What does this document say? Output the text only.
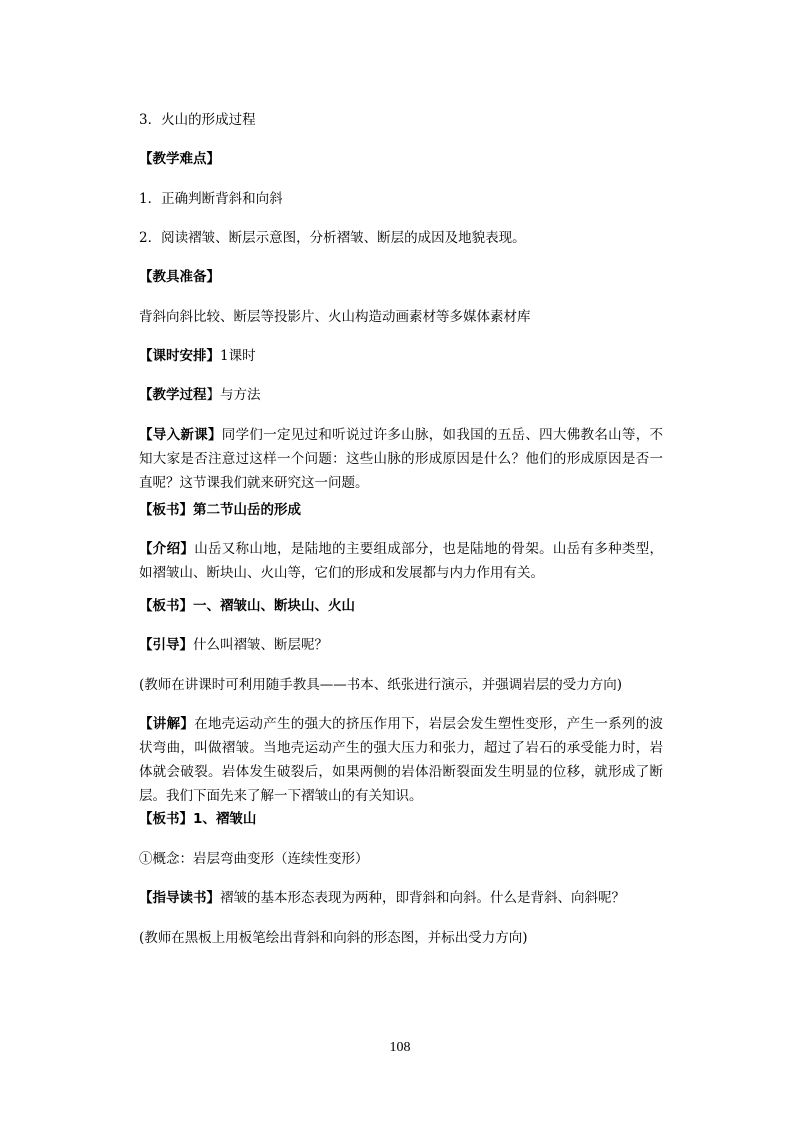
3．火山的形成过程

【教学难点】

1．正确判断背斜和向斜

2．阅读褶皱、断层示意图，分析褶皱、断层的成因及地貌表现。

【教具准备】

背斜向斜比较、断层等投影片、火山构造动画素材等多媒体素材库

【课时安排】1课时

【教学过程】与方法

【导入新课】同学们一定见过和听说过许多山脉，如我国的五岳、四大佛教名山等，不知大家是否注意过这样一个问题：这些山脉的形成原因是什么？他们的形成原因是否一直呢？这节课我们就来研究这一问题。

【板书】第二节山岳的形成

【介绍】山岳又称山地，是陆地的主要组成部分，也是陆地的骨架。山岳有多种类型，如褶皱山、断块山、火山等，它们的形成和发展都与内力作用有关。

【板书】一、褶皱山、断块山、火山

【引导】什么叫褶皱、断层呢？

(教师在讲课时可利用随手教具——书本、纸张进行演示，并强调岩层的受力方向)

【讲解】在地壳运动产生的强大的挤压作用下，岩层会发生塑性变形，产生一系列的波状弯曲，叫做褶皱。当地壳运动产生的强大压力和张力，超过了岩石的承受能力时，岩体就会破裂。岩体发生破裂后，如果两侧的岩体沿断裂面发生明显的位移，就形成了断层。我们下面先来了解一下褶皱山的有关知识。

【板书】1、褶皱山

①概念：岩层弯曲变形（连续性变形）

【指导读书】褶皱的基本形态表现为两种，即背斜和向斜。什么是背斜、向斜呢？

(教师在黑板上用板笔绘出背斜和向斜的形态图，并标出受力方向)

108
